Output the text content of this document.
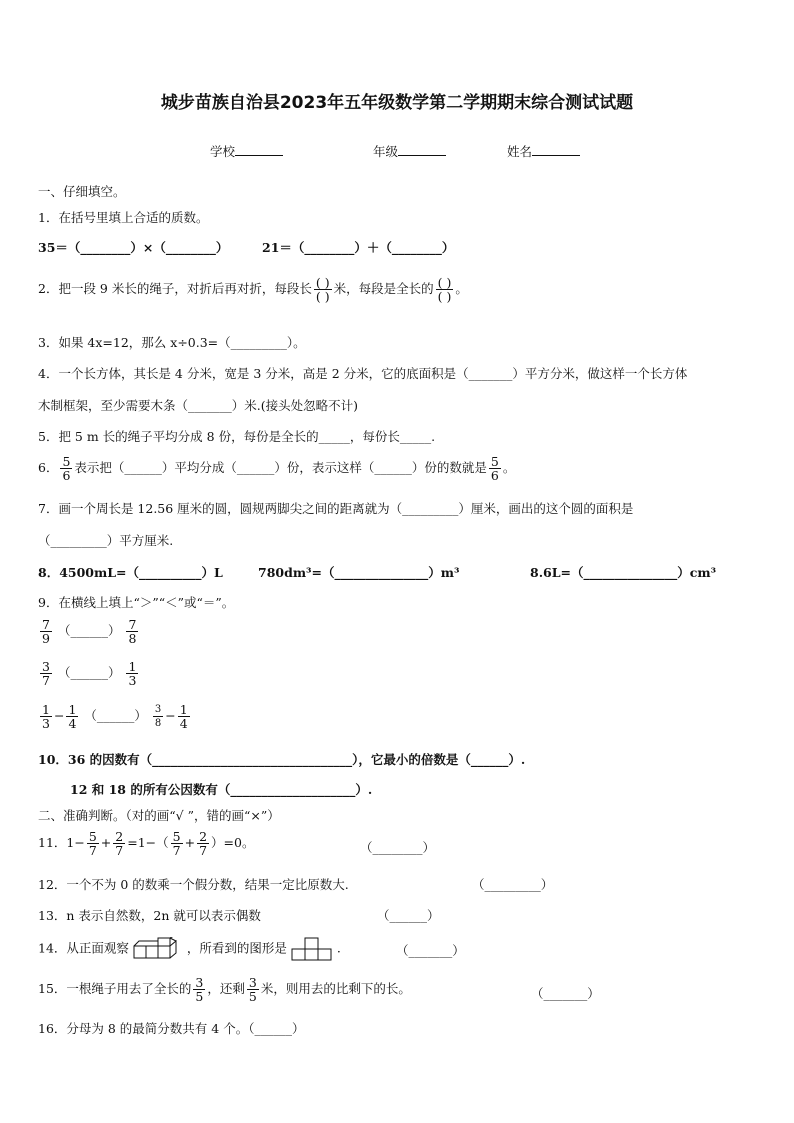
城步苗族自治县2023年五年级数学第二学期期末综合测试试题
学校	年级	姓名
一、仔细填空。
1．在括号里填上合适的质数。
35＝（________）×（________）	21＝（________）＋（________）
2．把一段 9 米长的绳子，对折后再对折，每段长 $\frac{( )}{( )}$ 米，每段是全长的 $\frac{( )}{( )}$ 。
3．如果 4x=12，那么 x÷0.3=（_________）。
4．一个长方体，其长是 4 分米，宽是 3 分米，高是 2 分米，它的底面积是（_______）平方分米，做这样一个长方体
木制框架，至少需要木条（_______）米.(接头处忽略不计)
5．把 5 m 长的绳子平均分成 8 份，每份是全长的_____，每份长_____.
6． $\frac{5}{6}$ 表示把（______）平均分成（______）份，表示这样（______）份的数就是 $\frac{5}{6}$ 。
7．画一个周长是 12.56 厘米的圆，圆规两脚尖之间的距离就为（_________）厘米，画出的这个圆的面积是
（_________）平方厘米.
8．4500mL=（__________）L	780dm³=（_______________）m³	8.6L=（_______________）cm³
9．在横线上填上“＞”“＜”或“＝”。
$\frac{7}{9}$ （______） $\frac{7}{8}$
$\frac{3}{7}$ （______） $\frac{1}{3}$
$\frac{1}{3} - \frac{1}{4}$ （______） $\frac{3}{8} - \frac{1}{4}$
10．36 的因数有（________________________________），它最小的倍数是（______）.
12 和 18 的所有公因数有（____________________）.
二、准确判断。（对的画“√ ”，错的画“×”）
11．$1- \frac{5}{7} + \frac{2}{7} =1-( \frac{5}{7} + \frac{2}{7} )=0$。	（________）
12．一个不为 0 的数乘一个假分数，结果一定比原数大.	（_________）
13．n 表示自然数，2n 就可以表示偶数	（______）
14．从正面观察	，所看到的图形是	.	（_______）
15．一根绳子用去了全长的 $\frac{3}{5}$ ，还剩 $\frac{3}{5}$ 米，则用去的比剩下的长。	（_______）
16．分母为 8 的最简分数共有 4 个。（______）
